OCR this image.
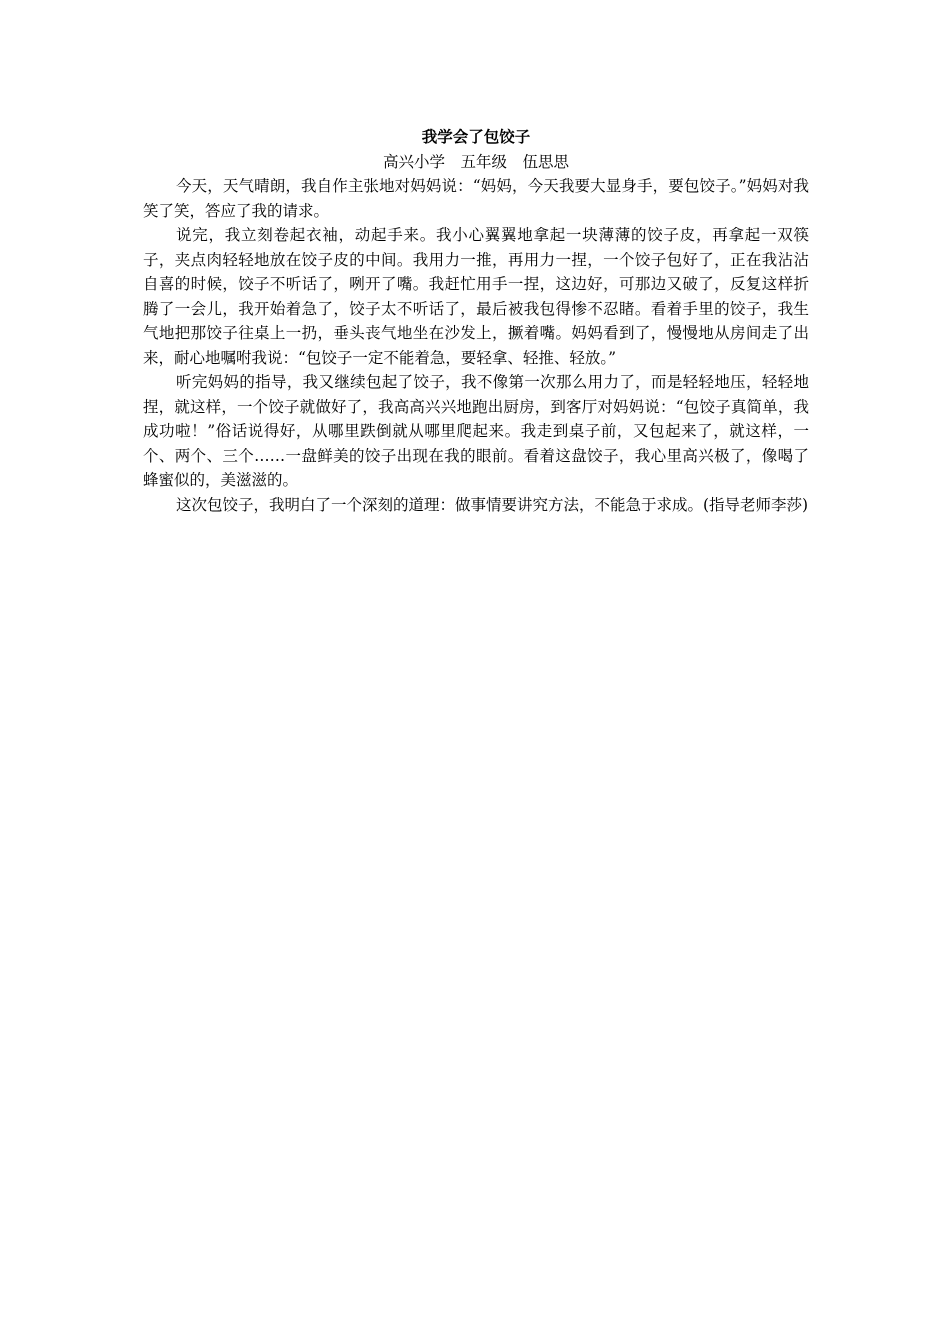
我学会了包饺子

高兴小学　五年级　伍思思

今天，天气晴朗，我自作主张地对妈妈说：“妈妈，今天我要大显身手，要包饺子。”妈妈对我笑了笑，答应了我的请求。

说完，我立刻卷起衣袖，动起手来。我小心翼翼地拿起一块薄薄的饺子皮，再拿起一双筷子，夹点肉轻轻地放在饺子皮的中间。我用力一推，再用力一捏，一个饺子包好了，正在我沾沾自喜的时候，饺子不听话了，咧开了嘴。我赶忙用手一捏，这边好，可那边又破了，反复这样折腾了一会儿，我开始着急了，饺子太不听话了，最后被我包得惨不忍睹。看着手里的饺子，我生气地把那饺子往桌上一扔，垂头丧气地坐在沙发上，撅着嘴。妈妈看到了，慢慢地从房间走了出来，耐心地嘱咐我说：“包饺子一定不能着急，要轻拿、轻推、轻放。”

听完妈妈的指导，我又继续包起了饺子，我不像第一次那么用力了，而是轻轻地压，轻轻地捏，就这样，一个饺子就做好了，我高高兴兴地跑出厨房，到客厅对妈妈说：“包饺子真简单，我成功啦！”俗话说得好，从哪里跌倒就从哪里爬起来。我走到桌子前，又包起来了，就这样，一个、两个、三个……一盘鲜美的饺子出现在我的眼前。看着这盘饺子，我心里高兴极了，像喝了蜂蜜似的，美滋滋的。

这次包饺子，我明白了一个深刻的道理：做事情要讲究方法，不能急于求成。(指导老师李莎)
